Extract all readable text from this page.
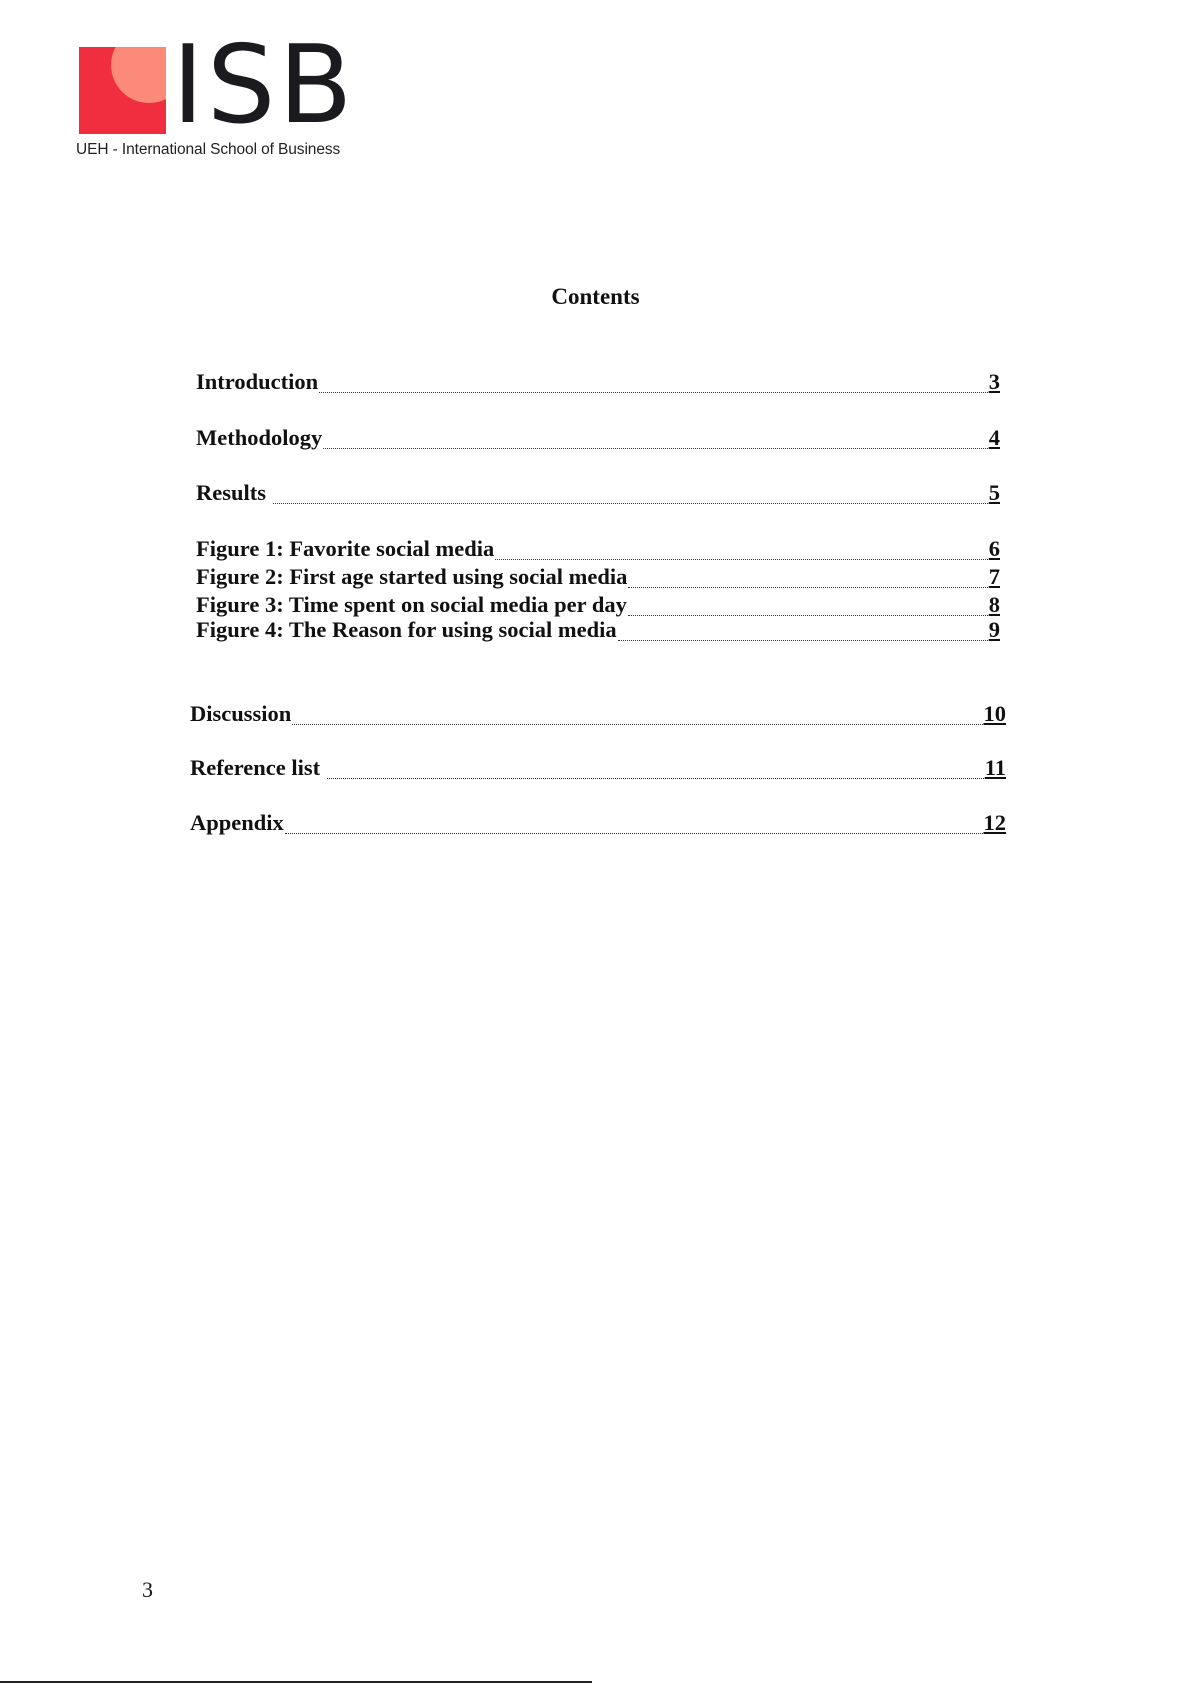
ISB
UEH - International School of Business
Contents
Introduction	3
Methodology	4
Results	5
Figure 1: Favorite social media	6
Figure 2: First age started using social media	7
Figure 3: Time spent on social media per day	8
Figure 4: The Reason for using social media	9
Discussion	10
Reference list	11
Appendix	12
3
